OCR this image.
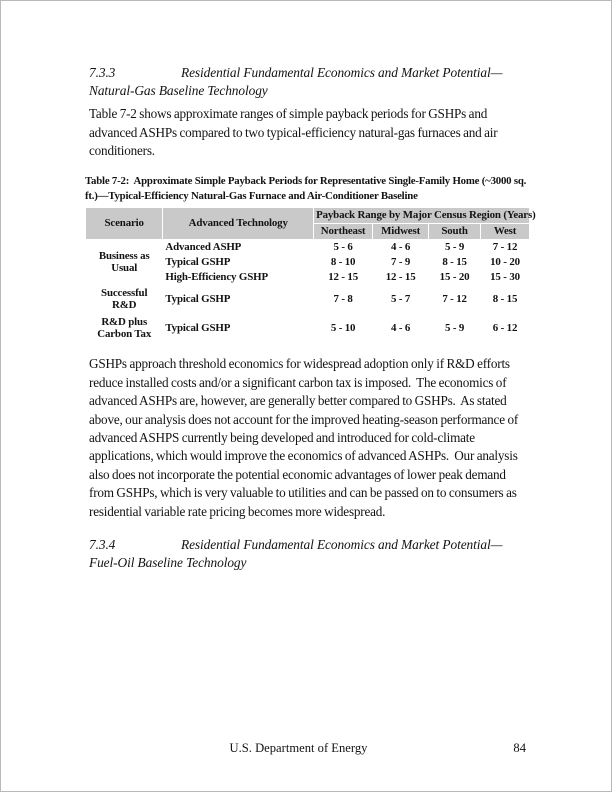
7.3.3	Residential Fundamental Economics and Market Potential—Natural-Gas Baseline Technology

Table 7-2 shows approximate ranges of simple payback periods for GSHPs and advanced ASHPs compared to two typical-efficiency natural-gas furnaces and air conditioners.

Table 7-2:  Approximate Simple Payback Periods for Representative Single-Family Home (~3000 sq. ft.)—Typical-Efficiency Natural-Gas Furnace and Air-Conditioner Baseline

Scenario	Advanced Technology	Payback Range by Major Census Region (Years)			
		Northeast	Midwest	South	West
Business as Usual	Advanced ASHP	5 - 6	4 - 6	5 - 9	7 - 12
	Typical GSHP	8 - 10	7 - 9	8 - 15	10 - 20
	High-Efficiency GSHP	12 - 15	12 - 15	15 - 20	15 - 30
Successful R&D	Typical GSHP	7 - 8	5 - 7	7 - 12	8 - 15
R&D plus Carbon Tax	Typical GSHP	5 - 10	4 - 6	5 - 9	6 - 12

GSHPs approach threshold economics for widespread adoption only if R&D efforts reduce installed costs and/or a significant carbon tax is imposed.  The economics of advanced ASHPs are, however, are generally better compared to GSHPs.  As stated above, our analysis does not account for the improved heating-season performance of advanced ASHPS currently being developed and introduced for cold-climate applications, which would improve the economics of advanced ASHPs.  Our analysis also does not incorporate the potential economic advantages of lower peak demand from GSHPs, which is very valuable to utilities and can be passed on to consumers as residential variable rate pricing becomes more widespread.

7.3.4	Residential Fundamental Economics and Market Potential—Fuel-Oil Baseline Technology

U.S. Department of Energy	84
